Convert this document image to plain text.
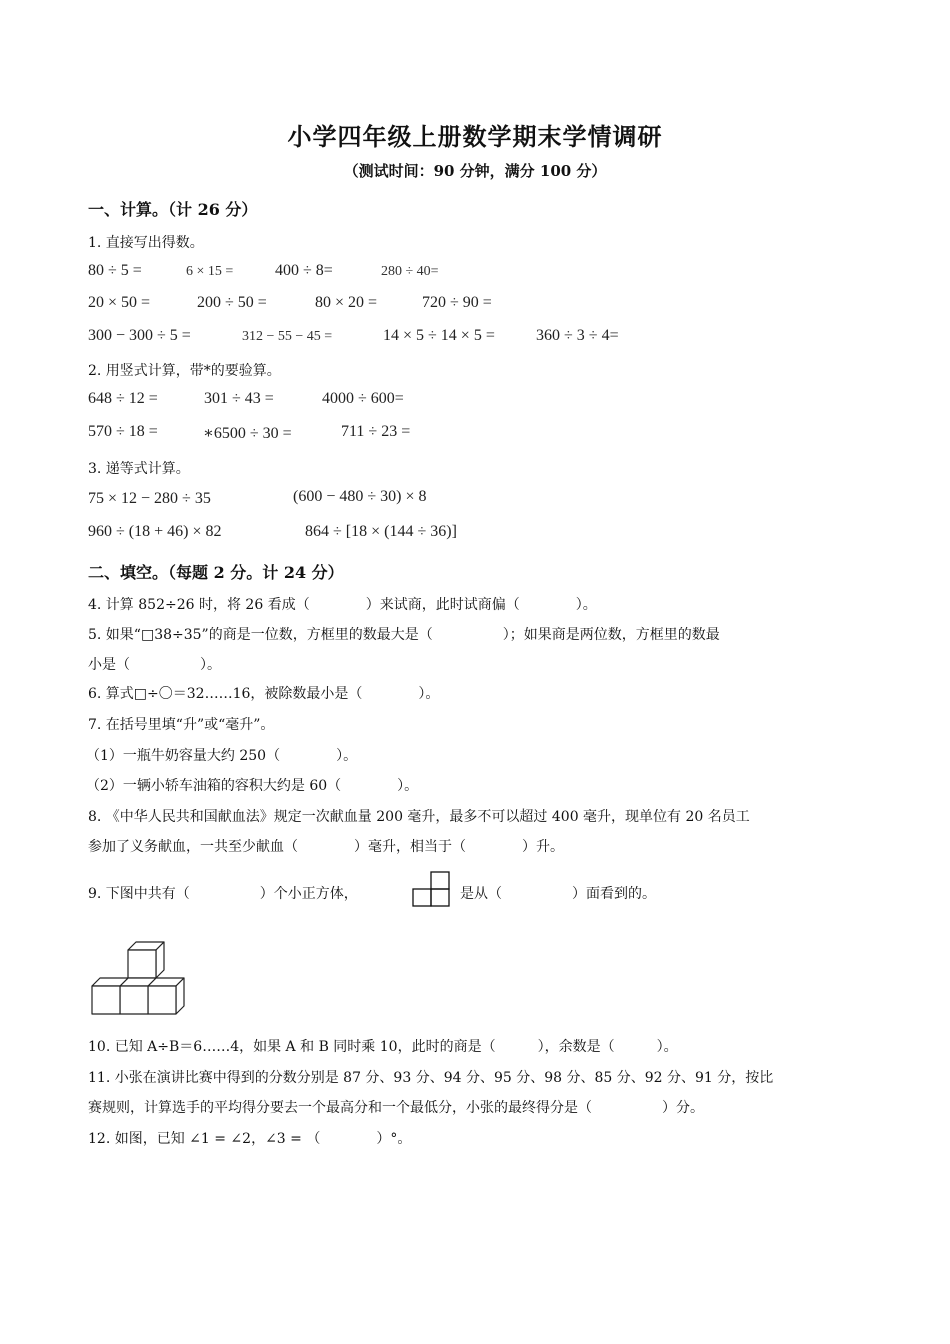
小学四年级上册数学期末学情调研
（测试时间：90 分钟，满分 100 分）
一、计算。（计 26 分）
1. 直接写出得数。
80 ÷ 5 =	6 × 15 =	400 ÷ 8=	280 ÷ 40=
20 × 50 =	200 ÷ 50 =	80 × 20 =	720 ÷ 90 =
300 − 300 ÷ 5 =	312 − 55 − 45 =	14 × 5 ÷ 14 × 5 =	360 ÷ 3 ÷ 4=
2. 用竖式计算，带*的要验算。
648 ÷ 12 =	301 ÷ 43 =	4000 ÷ 600=
570 ÷ 18 =	∗6500 ÷ 30 =	711 ÷ 23 =
3. 递等式计算。
75 × 12 − 280 ÷ 35	(600 − 480 ÷ 30) × 8
960 ÷ (18 + 46) × 82	864 ÷ [18 × (144 ÷ 36)]
二、填空。（每题 2 分。计 24 分）
4. 计算 852÷26 时，将 26 看成（　　　　）来试商，此时试商偏（　　　　）。
5. 如果“□38÷35”的商是一位数，方框里的数最大是（　　　　　）；如果商是两位数，方框里的数最
小是（　　　　　）。
6. 算式□÷〇＝32……16，被除数最小是（　　　　）。
7. 在括号里填“升”或“毫升”。
（1）一瓶牛奶容量大约 250（　　　　）。
（2）一辆小轿车油箱的容积大约是 60（　　　　）。
8. 《中华人民共和国献血法》规定一次献血量 200 毫升，最多不可以超过 400 毫升，现单位有 20 名员工
参加了义务献血，一共至少献血（　　　　）毫升，相当于（　　　　）升。
9. 下图中共有（　　　　　）个小正方体，	是从（　　　　　）面看到的。
10. 已知 A÷B＝6……4，如果 A 和 B 同时乘 10，此时的商是（　　　），余数是（　　　）。
11. 小张在演讲比赛中得到的分数分别是 87 分、93 分、94 分、95 分、98 分、85 分、92 分、91 分，按比
赛规则，计算选手的平均得分要去一个最高分和一个最低分，小张的最终得分是（　　　　　）分。
12. 如图，已知 ∠1 = ∠2，∠3 = （　　　　）°。
